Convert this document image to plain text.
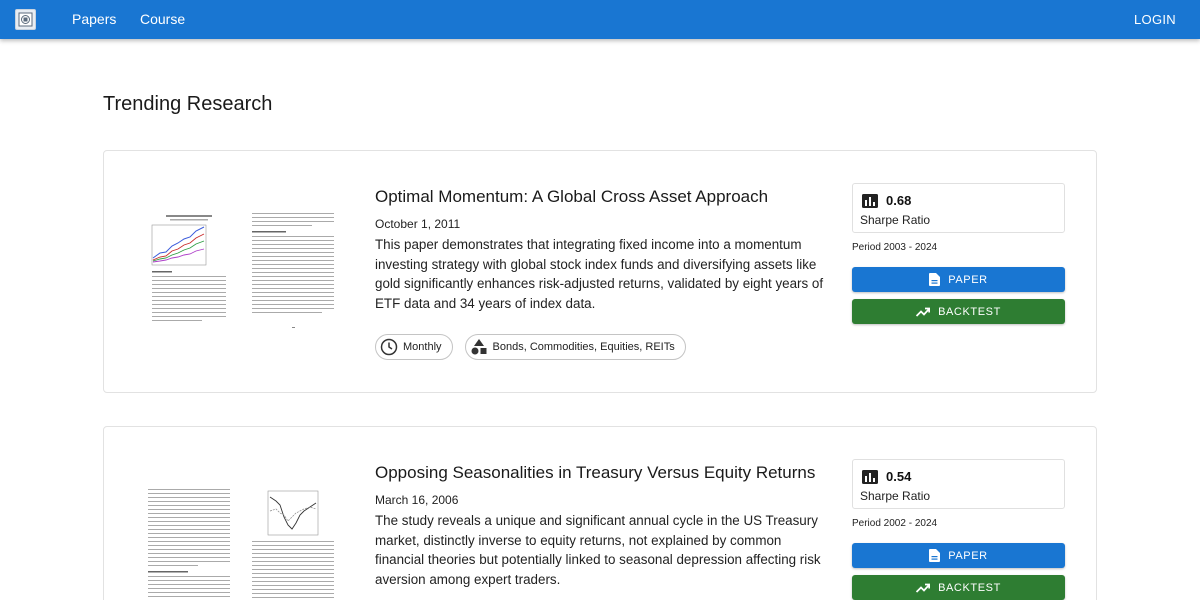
Papers Course	LOGIN
Trending Research
Optimal Momentum: A Global Cross Asset Approach
October 1, 2011
This paper demonstrates that integrating fixed income into a momentum investing strategy with global stock index funds and diversifying assets like gold significantly enhances risk-adjusted returns, validated by eight years of ETF data and 34 years of index data.
Monthly	Bonds, Commodities, Equities, REITs
0.68
Sharpe Ratio
Period 2003 - 2024
PAPER
BACKTEST
Opposing Seasonalities in Treasury Versus Equity Returns
March 16, 2006
The study reveals a unique and significant annual cycle in the US Treasury market, distinctly inverse to equity returns, not explained by common financial theories but potentially linked to seasonal depression affecting risk aversion among expert traders.
0.54
Sharpe Ratio
Period 2002 - 2024
PAPER
BACKTEST
